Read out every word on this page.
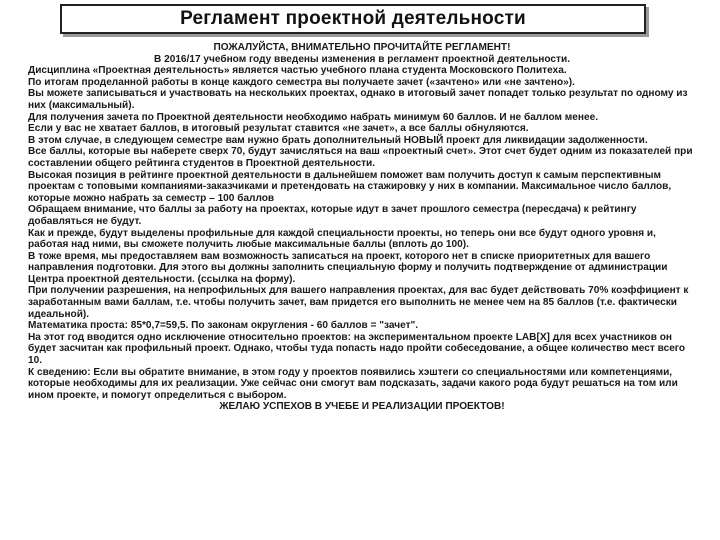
Регламент проектной деятельности

ПОЖАЛУЙСТА, ВНИМАТЕЛЬНО ПРОЧИТАЙТЕ РЕГЛАМЕНТ!

В 2016/17 учебном году введены изменения в регламент проектной деятельности.

Дисциплина «Проектная деятельность» является частью учебного плана студента Московского Политеха.

По итогам проделанной работы в конце каждого семестра вы получаете зачет («зачтено» или «не зачтено»).

Вы можете записываться и участвовать на нескольких проектах, однако в итоговый зачет попадет только результат по одному из них (максимальный).

Для получения зачета по Проектной деятельности необходимо набрать минимум 60 баллов. И не баллом менее.

Если у вас не хватает баллов, в итоговый результат ставится «не зачет», а все баллы обнуляются.

В этом случае, в следующем семестре вам нужно брать дополнительный НОВЫЙ проект для ликвидации задолженности.

Все баллы, которые вы наберете сверх 70, будут зачисляться на ваш «проектный счет». Этот счет будет одним из показателей при составлении общего рейтинга студентов в Проектной деятельности.

Высокая позиция в рейтинге проектной деятельности в дальнейшем поможет вам получить доступ к самым перспективным проектам с топовыми компаниями-заказчиками и претендовать на стажировку у них в компании. Максимальное число баллов, которые можно набрать за семестр – 100 баллов

Обращаем внимание, что баллы за работу на проектах, которые идут в зачет прошлого семестра (пересдача) к рейтингу добавляться не будут.

Как и прежде, будут выделены профильные для каждой специальности проекты, но теперь они все будут одного уровня и, работая над ними, вы сможете получить любые максимальные баллы (вплоть до 100).

В тоже время, мы предоставляем вам возможность записаться на проект, которого нет в списке приоритетных для вашего направления подготовки. Для этого вы должны заполнить специальную форму и получить подтверждение от администрации Центра проектной деятельности. (ссылка на форму).

При получении разрешения, на непрофильных для вашего направления проектах, для вас будет действовать 70% коэффициент к заработанным вами баллам, т.е. чтобы получить зачет, вам придется его выполнить не менее чем на 85 баллов (т.е. фактически идеальной).

Математика проста: 85*0,7=59,5. По законам округления - 60 баллов = "зачет".

На этот год вводится одно исключение относительно проектов: на экспериментальном проекте LAB[X] для всех участников он будет засчитан как профильный проект. Однако, чтобы туда попасть надо пройти собеседование, а общее количество мест всего 10.

К сведению: Если вы обратите внимание, в этом году у проектов появились хэштеги со специальностями или компетенциями, которые необходимы для их реализации. Уже сейчас они смогут вам подсказать, задачи какого рода будут решаться на том или ином проекте, и помогут определиться с выбором.

ЖЕЛАЮ УСПЕХОВ В УЧЕБЕ И РЕАЛИЗАЦИИ ПРОЕКТОВ!
